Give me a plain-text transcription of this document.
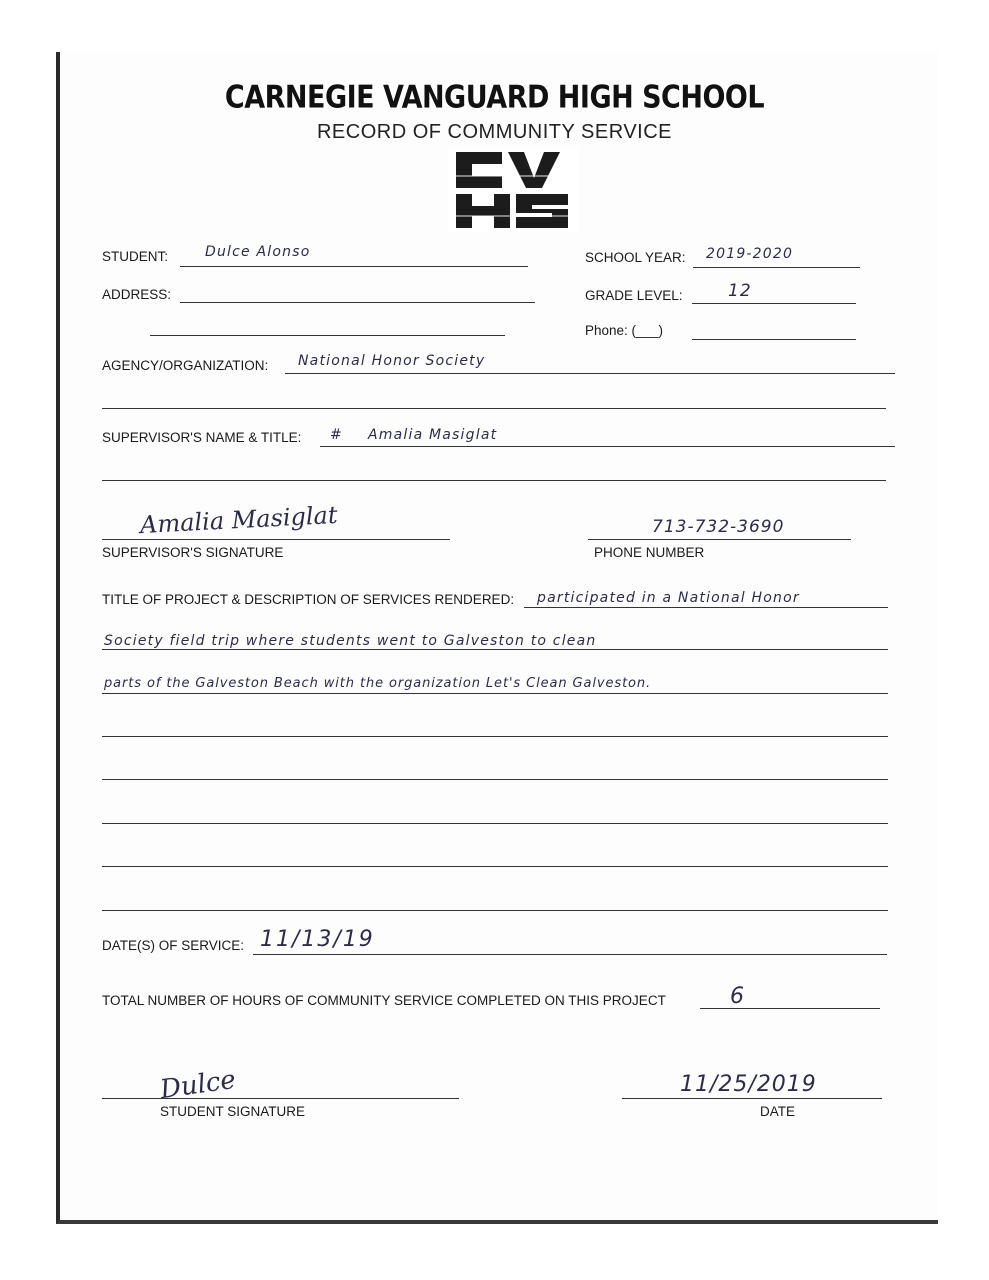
CARNEGIE VANGUARD HIGH SCHOOL
RECORD OF COMMUNITY SERVICE
STUDENT:	Dulce Alonso	SCHOOL YEAR: 2019-2020
ADDRESS:	GRADE LEVEL:	12
Phone: (___)
AGENCY/ORGANIZATION: National Honor Society
SUPERVISOR'S NAME & TITLE: # Amalia Masiglat
Amalia Masiglat
SUPERVISOR'S SIGNATURE
713-732-3690
PHONE NUMBER
TITLE OF PROJECT & DESCRIPTION OF SERVICES RENDERED: participated in a National Honor
Society field trip where students went to Galveston to clean
parts of the Galveston Beach with the organization Let's Clean Galveston.
DATE(S) OF SERVICE: 11/13/19
TOTAL NUMBER OF HOURS OF COMMUNITY SERVICE COMPLETED ON THIS PROJECT	6
Dulce
STUDENT SIGNATURE
11/25/2019
DATE
